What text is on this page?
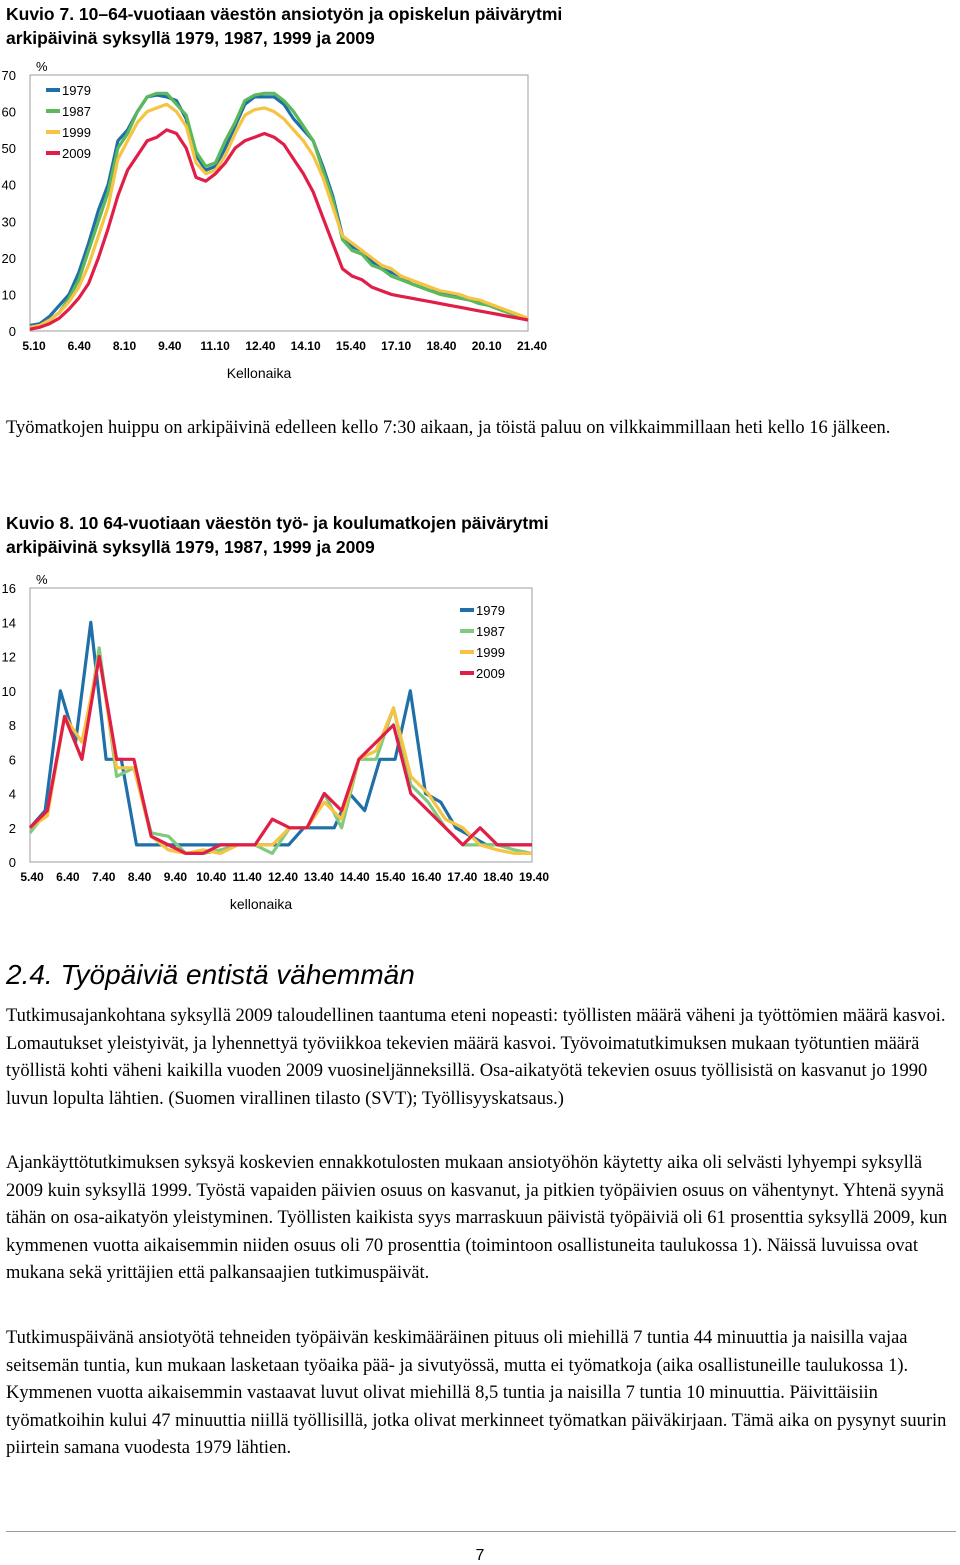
Kuvio 7. 10–64-vuotiaan väestön ansiotyön ja opiskelun päivärytmi
arkipäivinä syksyllä 1979, 1987, 1999 ja 2009
%
0
10
20
30
40
50
60
70
5.10 6.40 8.10 9.40 11.10 12.40 14.10 15.40 17.10 18.40 20.10 21.40
Kellonaika
1979
1987
1999
2009

Työmatkojen huippu on arkipäivinä edelleen kello 7:30 aikaan, ja töistä paluu on vilkkaimmillaan heti kello 16 jälkeen.

Kuvio 8. 10 64-vuotiaan väestön työ- ja koulumatkojen päivärytmi
arkipäivinä syksyllä 1979, 1987, 1999 ja 2009
%
0
2
4
6
8
10
12
14
16
5.40 6.40 7.40 8.40 9.40 10.40 11.40 12.40 13.40 14.40 15.40 16.40 17.40 18.40 19.40
kellonaika
1979
1987
1999
2009
2.4. Työpäiviä entistä vähemmän

Tutkimusajankohtana syksyllä 2009 taloudellinen taantuma eteni nopeasti: työllisten määrä väheni ja työttömien määrä kasvoi. Lomautukset yleistyivät, ja lyhennettyä työviikkoa tekevien määrä kasvoi. Työvoimatutkimuksen mukaan työtuntien määrä työllistä kohti väheni kaikilla vuoden 2009 vuosineljänneksillä. Osa-aikatyötä tekevien osuus työllisistä on kasvanut jo 1990 luvun lopulta lähtien. (Suomen virallinen tilasto (SVT); Työllisyyskatsaus.)

Ajankäyttötutkimuksen syksyä koskevien ennakkotulosten mukaan ansiotyöhön käytetty aika oli selvästi lyhyempi syksyllä 2009 kuin syksyllä 1999. Työstä vapaiden päivien osuus on kasvanut, ja pitkien työpäivien osuus on vähentynyt. Yhtenä syynä tähän on osa-aikatyön yleistyminen. Työllisten kaikista syys marraskuun päivistä työpäiviä oli 61 prosenttia syksyllä 2009, kun kymmenen vuotta aikaisemmin niiden osuus oli 70 prosenttia (toimintoon osallistuneita taulukossa 1). Näissä luvuissa ovat mukana sekä yrittäjien että palkansaajien tutkimuspäivät.

Tutkimuspäivänä ansiotyötä tehneiden työpäivän keskimääräinen pituus oli miehillä 7 tuntia 44 minuuttia ja naisilla vajaa seitsemän tuntia, kun mukaan lasketaan työaika pää- ja sivutyössä, mutta ei työmatkoja (aika osallistuneille taulukossa 1). Kymmenen vuotta aikaisemmin vastaavat luvut olivat miehillä 8,5 tuntia ja naisilla 7 tuntia 10 minuuttia. Päivittäisiin työmatkoihin kului 47 minuuttia niillä työllisillä, jotka olivat merkinneet työmatkan päiväkirjaan. Tämä aika on pysynyt suurin piirtein samana vuodesta 1979 lähtien.

7
